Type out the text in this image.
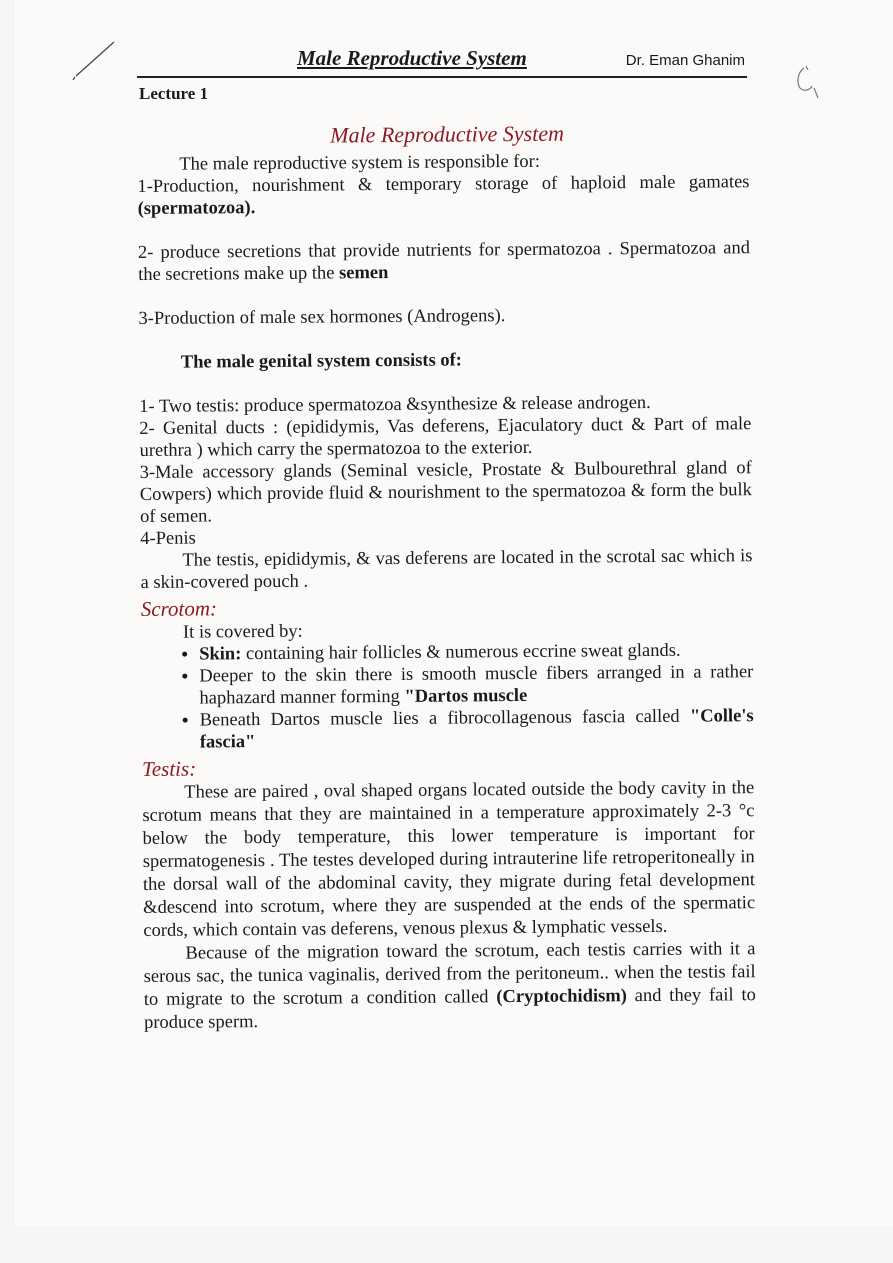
Male Reproductive System	Dr. Eman Ghanim
Lecture 1
Male Reproductive System

The male reproductive system is responsible for:

1-Production, nourishment & temporary storage of haploid male gamates (spermatozoa).

2- produce secretions that provide nutrients for spermatozoa . Spermatozoa and the secretions make up the semen

3-Production of male sex hormones (Androgens).

The male genital system consists of:

1- Two testis: produce spermatozoa &synthesize & release androgen.

2- Genital ducts : (epididymis, Vas deferens, Ejaculatory duct & Part of male urethra ) which carry the spermatozoa to the exterior.

3-Male accessory glands (Seminal vesicle, Prostate & Bulbourethral gland of Cowpers) which provide fluid & nourishment to the spermatozoa & form the bulk of semen.

4-Penis

The testis, epididymis, & vas deferens are located in the scrotal sac which is a skin-covered pouch .

Scrotom:

It is covered by:

• Skin: containing hair follicles & numerous eccrine sweat glands.
• Deeper to the skin there is smooth muscle fibers arranged in a rather haphazard manner forming "Dartos muscle
• Beneath Dartos muscle lies a fibrocollagenous fascia called "Colle's fascia"
Testis:

These are paired , oval shaped organs located outside the body cavity in the scrotum means that they are maintained in a temperature approximately 2-3 °c below the body temperature, this lower temperature is important for spermatogenesis . The testes developed during intrauterine life retroperitoneally in the dorsal wall of the abdominal cavity, they migrate during fetal development &descend into scrotum, where they are suspended at the ends of the spermatic cords, which contain vas deferens, venous plexus & lymphatic vessels.

Because of the migration toward the scrotum, each testis carries with it a serous sac, the tunica vaginalis, derived from the peritoneum.. when the testis fail to migrate to the scrotum a condition called (Cryptochidism) and they fail to produce sperm.
